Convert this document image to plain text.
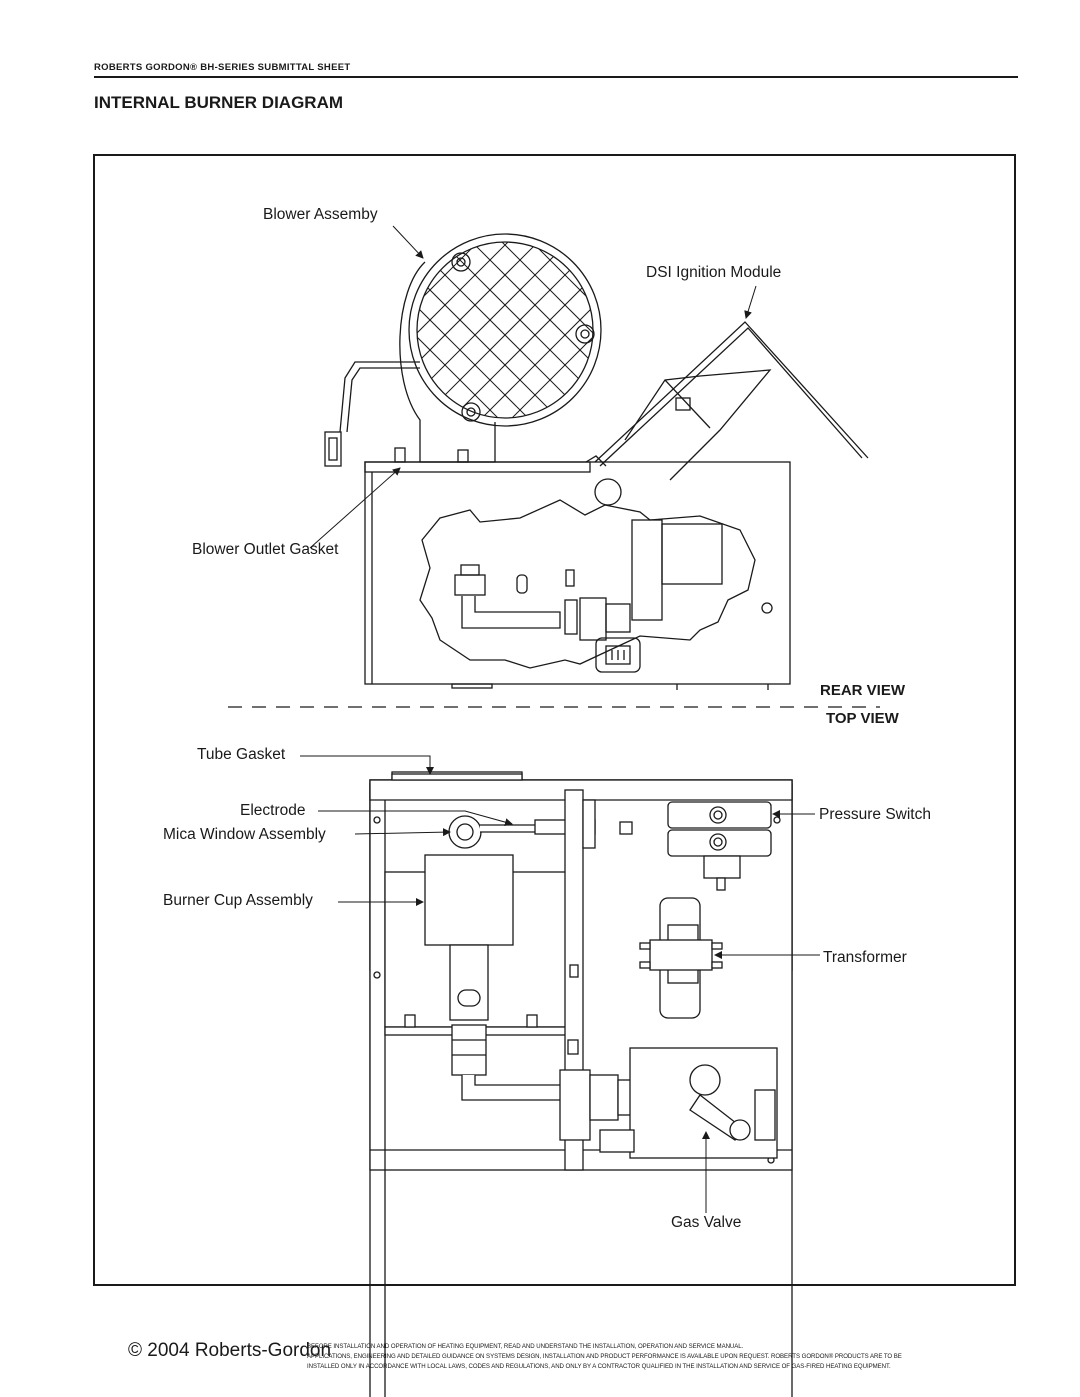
ROBERTS GORDON® BH-SERIES SUBMITTAL SHEET
INTERNAL BURNER DIAGRAM
Blower Assemby
DSI Ignition Module
Blower Outlet Gasket
REAR VIEW
TOP VIEW
Tube Gasket
Electrode
Mica Window Assembly
Burner Cup Assembly
Pressure Switch
Transformer
Gas Valve
© 2004 Roberts-Gordon
BEFORE INSTALLATION AND OPERATION OF HEATING EQUIPMENT, READ AND UNDERSTAND THE INSTALLATION, OPERATION AND SERVICE MANUAL.
APPLICATIONS, ENGINEERING AND DETAILED GUIDANCE ON SYSTEMS DESIGN, INSTALLATION AND PRODUCT PERFORMANCE IS AVAILABLE UPON REQUEST. ROBERTS GORDON® PRODUCTS ARE TO BE
INSTALLED ONLY IN ACCORDANCE WITH LOCAL LAWS, CODES AND REGULATIONS, AND ONLY BY A CONTRACTOR QUALIFIED IN THE INSTALLATION AND SERVICE OF GAS-FIRED HEATING EQUIPMENT.
